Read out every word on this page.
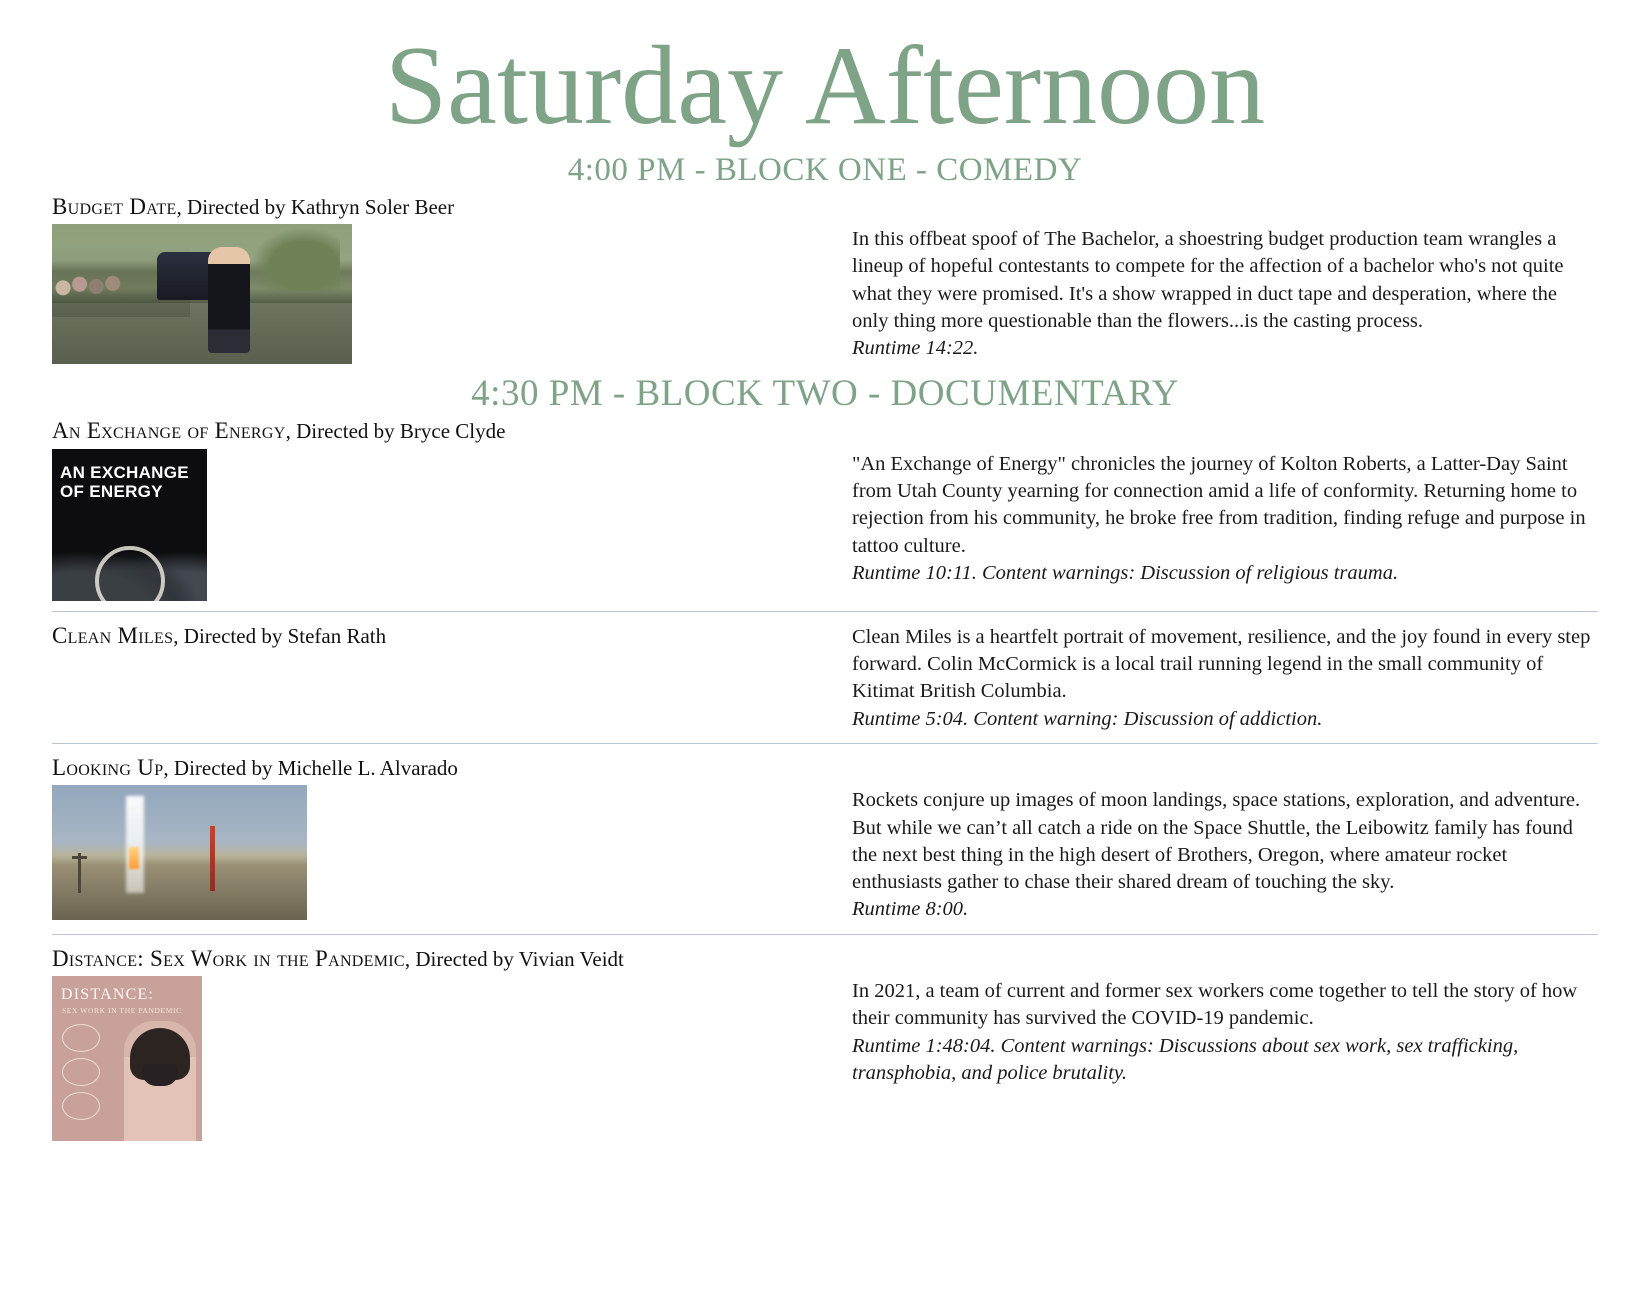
Saturday Afternoon
4:00 PM - BLOCK ONE - COMEDY
Budget Date, Directed by Kathryn Soler Beer

In this offbeat spoof of The Bachelor, a shoestring budget production team wrangles a lineup of hopeful contestants to compete for the affection of a bachelor who's not quite what they were promised. It's a show wrapped in duct tape and desperation, where the only thing more questionable than the flowers...is the casting process.

Runtime 14:22.

4:30 PM - BLOCK TWO - DOCUMENTARY
An Exchange of Energy, Directed by Bryce Clyde
AN EXCHANGE
OF ENERGY

"An Exchange of Energy" chronicles the journey of Kolton Roberts, a Latter-Day Saint from Utah County yearning for connection amid a life of conformity. Returning home to rejection from his community, he broke free from tradition, finding refuge and purpose in tattoo culture.

Runtime 10:11. Content warnings: Discussion of religious trauma.

Clean Miles, Directed by Stefan Rath	Clean Miles is a heartfelt portrait of movement, resilience, and the joy found in every step forward. Colin McCormick is a local trail running legend in the small community of Kitimat British Columbia.

Runtime 5:04. Content warning: Discussion of addiction.

Looking Up, Directed by Michelle L. Alvarado

Rockets conjure up images of moon landings, space stations, exploration, and adventure. But while we can’t all catch a ride on the Space Shuttle, the Leibowitz family has found the next best thing in the high desert of Brothers, Oregon, where amateur rocket enthusiasts gather to chase their shared dream of touching the sky.

Runtime 8:00.

Distance: Sex Work in the Pandemic, Directed by Vivian Veidt
DISTANCE:
SEX WORK IN THE PANDEMIC

In 2021, a team of current and former sex workers come together to tell the story of how their community has survived the COVID-19 pandemic.

Runtime 1:48:04. Content warnings: Discussions about sex work, sex trafficking, transphobia, and police brutality.
